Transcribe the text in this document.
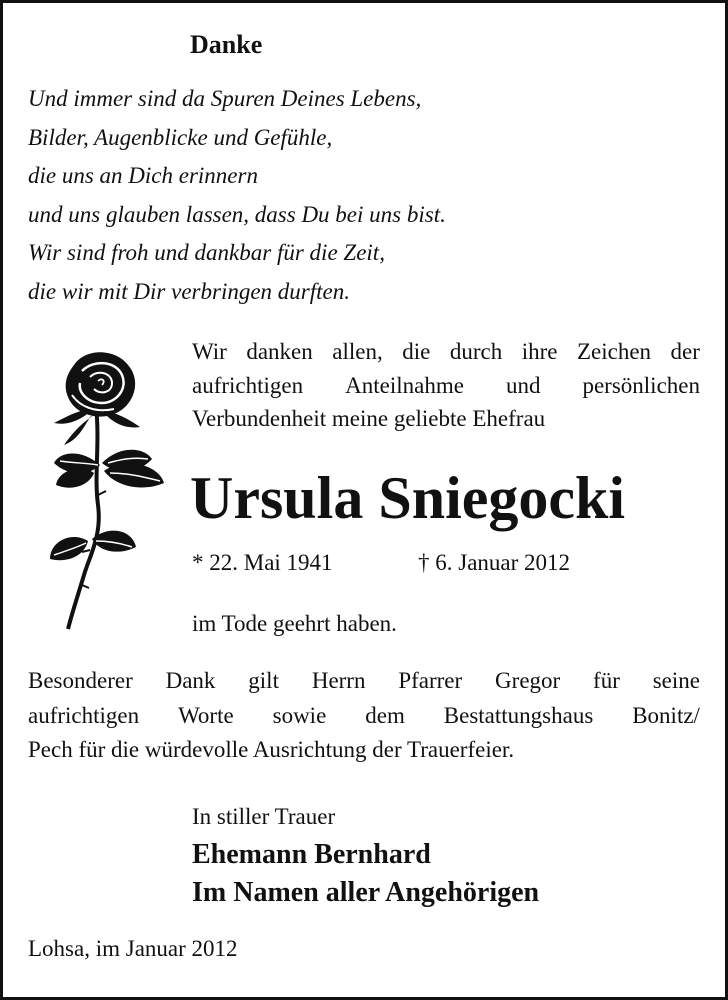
Danke
Und immer sind da Spuren Deines Lebens,
Bilder, Augenblicke und Gefühle,
die uns an Dich erinnern
und uns glauben lassen, dass Du bei uns bist.
Wir sind froh und dankbar für die Zeit,
die wir mit Dir verbringen durften.
Wir danken allen, die durch ihre Zeichen der
aufrichtigen Anteilnahme und persönlichen
Verbundenheit meine geliebte Ehefrau
Ursula Sniegocki
* 22. Mai 1941	† 6. Januar 2012
im Tode geehrt haben.
Besonderer Dank gilt Herrn Pfarrer Gregor für seine
aufrichtigen Worte sowie dem Bestattungshaus Bonitz/
Pech für die würdevolle Ausrichtung der Trauerfeier.
In stiller Trauer
Ehemann Bernhard
Im Namen aller Angehörigen
Lohsa, im Januar 2012
